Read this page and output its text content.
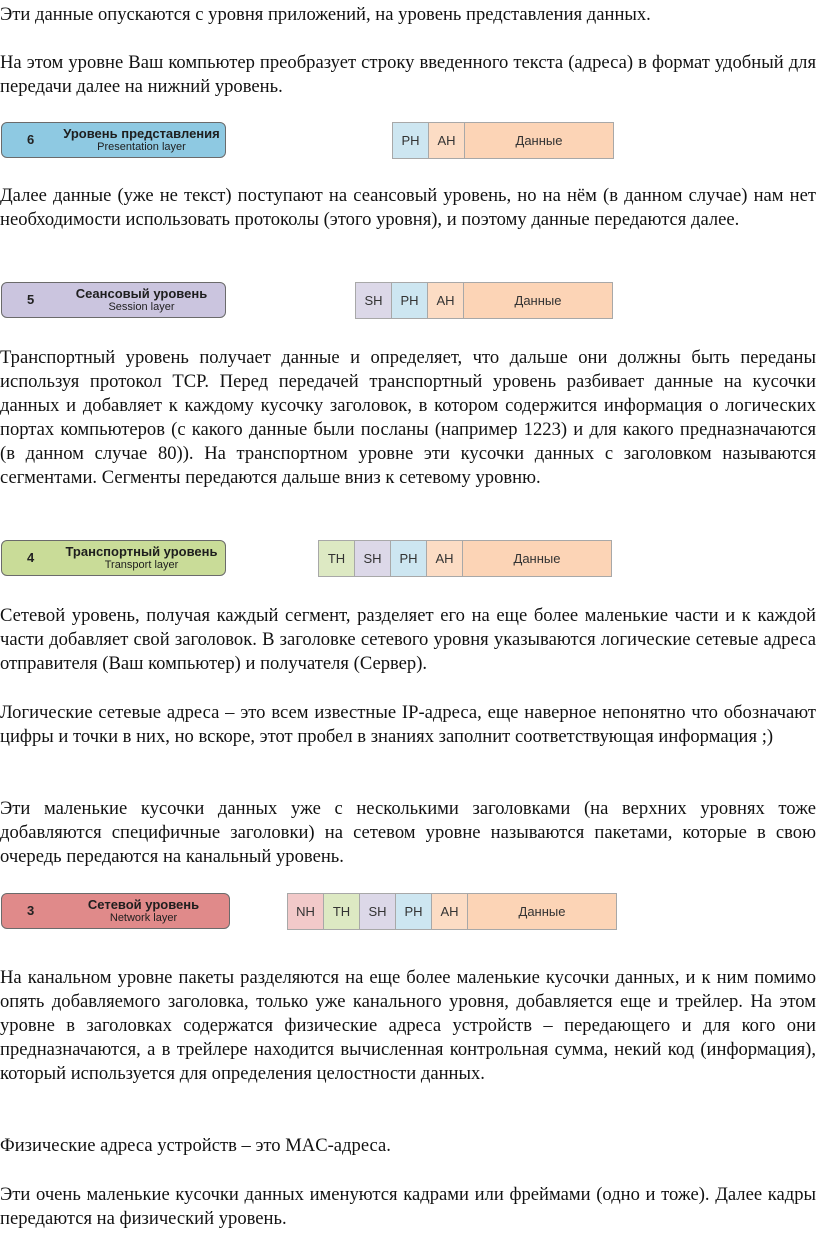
Эти данные опускаются с уровня приложений, на уровень представления данных.

На этом уровне Ваш компьютер преобразует строку введенного текста (адреса) в формат удобный для передачи далее на нижний уровень.

6 Уровень представления
Presentation layer	PH	AH	Данные

Далее данные (уже не текст) поступают на сеансовый уровень, но на нём (в данном случае) нам нет необходимости использовать протоколы (этого уровня), и поэтому данные передаются далее.

5	Сеансовый уровень
Session layer	SH	PH	AH	Данные

Транспортный уровень получает данные и определяет, что дальше они должны быть переданы используя протокол TCP. Перед передачей транспортный уровень разбивает данные на кусочки данных и добавляет к каждому кусочку заголовок, в котором содержится информация о логических портах компьютеров (с какого данные были посланы (например 1223) и для какого предназначаются (в данном случае 80)). На транспортном уровне эти кусочки данных с заголовком называются сегментами. Сегменты передаются дальше вниз к сетевому уровню.

4 Транспортный уровень
Transport layer	TH	SH	PH	AH	Данные

Сетевой уровень, получая каждый сегмент, разделяет его на еще более маленькие части и к каждой части добавляет свой заголовок. В заголовке сетевого уровня указываются логические сетевые адреса отправителя (Ваш компьютер) и получателя (Сервер).

Логические сетевые адреса – это всем известные IP-адреса, еще наверное непонятно что обозначают цифры и точки в них, но вскоре, этот пробел в знаниях заполнит соответствующая информация ;)

Эти маленькие кусочки данных уже с несколькими заголовками (на верхних уровнях тоже добавляются специфичные заголовки) на сетевом уровне называются пакетами, которые в свою очередь передаются на канальный уровень.

3	Сетевой уровень
Network layer	NH	TH	SH	PH	AH	Данные

На канальном уровне пакеты разделяются на еще более маленькие кусочки данных, и к ним помимо опять добавляемого заголовка, только уже канального уровня, добавляется еще и трейлер. На этом уровне в заголовках содержатся физические адреса устройств – передающего и для кого они предназначаются, а в трейлере находится вычисленная контрольная сумма, некий код (информация), который используется для определения целостности данных.

Физические адреса устройств – это MAC-адреса.

Эти очень маленькие кусочки данных именуются кадрами или фреймами (одно и тоже). Далее кадры передаются на физический уровень.
